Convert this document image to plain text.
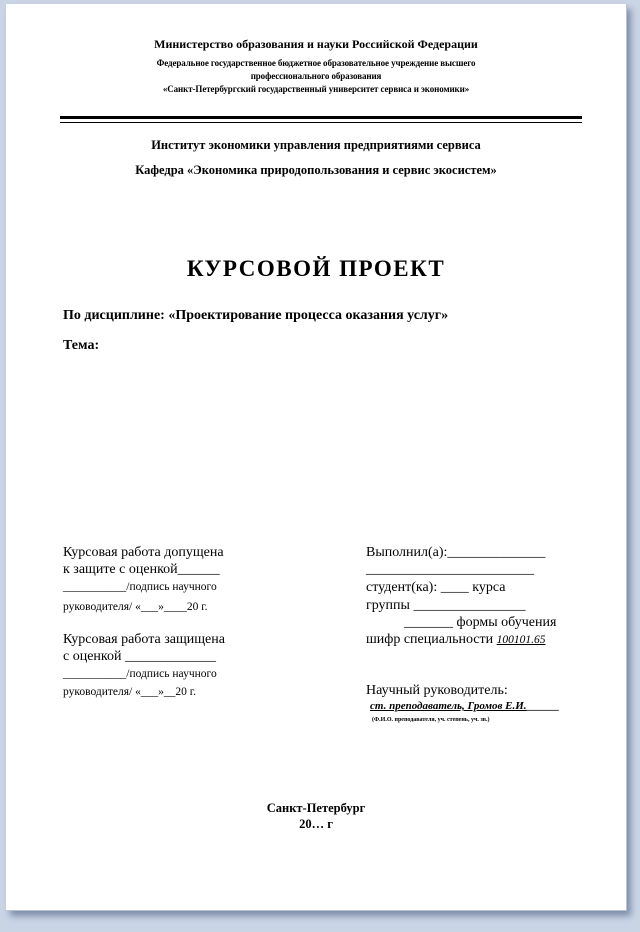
Министерство образования и науки Российской Федерации
Федеральное государственное бюджетное образовательное учреждение высшего
профессионального образования
«Санкт-Петербургский государственный университет сервиса и экономики»
Институт экономики управления предприятиями сервиса
Кафедра «Экономика природопользования и сервис экосистем»
КУРСОВОЙ ПРОЕКТ
По дисциплине: «Проектирование процесса оказания услуг»
Тема:
Курсовая работа допущена
к защите с оценкой______
___________/подпись научного
руководителя/ «___»____20 г.
Курсовая работа защищена
с оценкой _____________
___________/подпись научного
руководителя/ «___»__20 г.
Выполнил(а):______________
________________________
студент(ка): ____ курса
группы ________________
_______ формы обучения
шифр специальности 100101.65
Научный руководитель:
ст. преподаватель, Громов Е.И.______
(Ф.И.О. преподавателя, уч. степень, уч. зв.)
Санкт-Петербург
20… г
